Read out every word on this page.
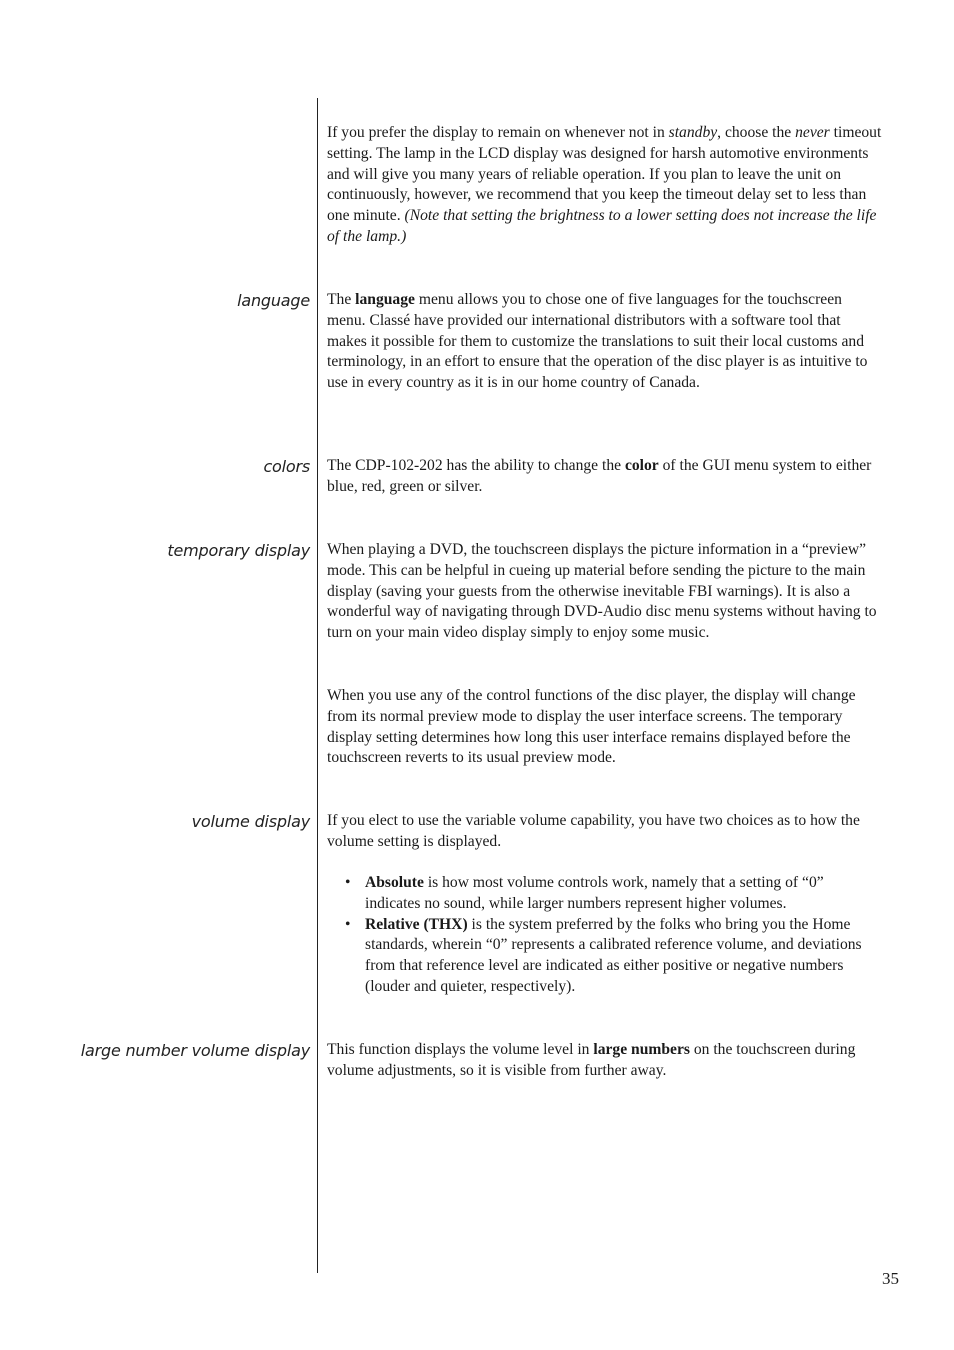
If you prefer the display to remain on whenever not in standby, choose the never timeout setting. The lamp in the LCD display was designed for harsh automotive environments and will give you many years of reliable operation. If you plan to leave the unit on continuously, however, we recommend that you keep the timeout delay set to less than one minute. (Note that setting the brightness to a lower setting does not increase the life of the lamp.)

language The language menu allows you to chose one of five languages for the touchscreen menu. Classé have provided our international distributors with a software tool that makes it possible for them to customize the translations to suit their local customs and terminology, in an effort to ensure that the operation of the disc player is as intuitive to use in every country as it is in our home country of Canada.

colors The CDP-102-202 has the ability to change the color of the GUI menu system to either blue, red, green or silver.

temporary display When playing a DVD, the touchscreen displays the picture information in a “preview” mode. This can be helpful in cueing up material before sending the picture to the main display (saving your guests from the otherwise inevitable FBI warnings). It is also a wonderful way of navigating through DVD-Audio disc menu systems without having to turn on your main video display simply to enjoy some music.

When you use any of the control functions of the disc player, the display will change from its normal preview mode to display the user interface screens. The temporary display setting determines how long this user interface remains displayed before the touchscreen reverts to its usual preview mode.

volume display If you elect to use the variable volume capability, you have two choices as to how the volume setting is displayed.

• Absolute is how most volume controls work, namely that a setting of “0” indicates no sound, while larger numbers represent higher volumes.
• Relative (THX) is the system preferred by the folks who bring you the Home standards, wherein “0” represents a calibrated reference volume, and deviations from that reference level are indicated as either positive or negative numbers (louder and quieter, respectively).
large number volume display This function displays the volume level in large numbers on the touchscreen during volume adjustments, so it is visible from further away.

35
